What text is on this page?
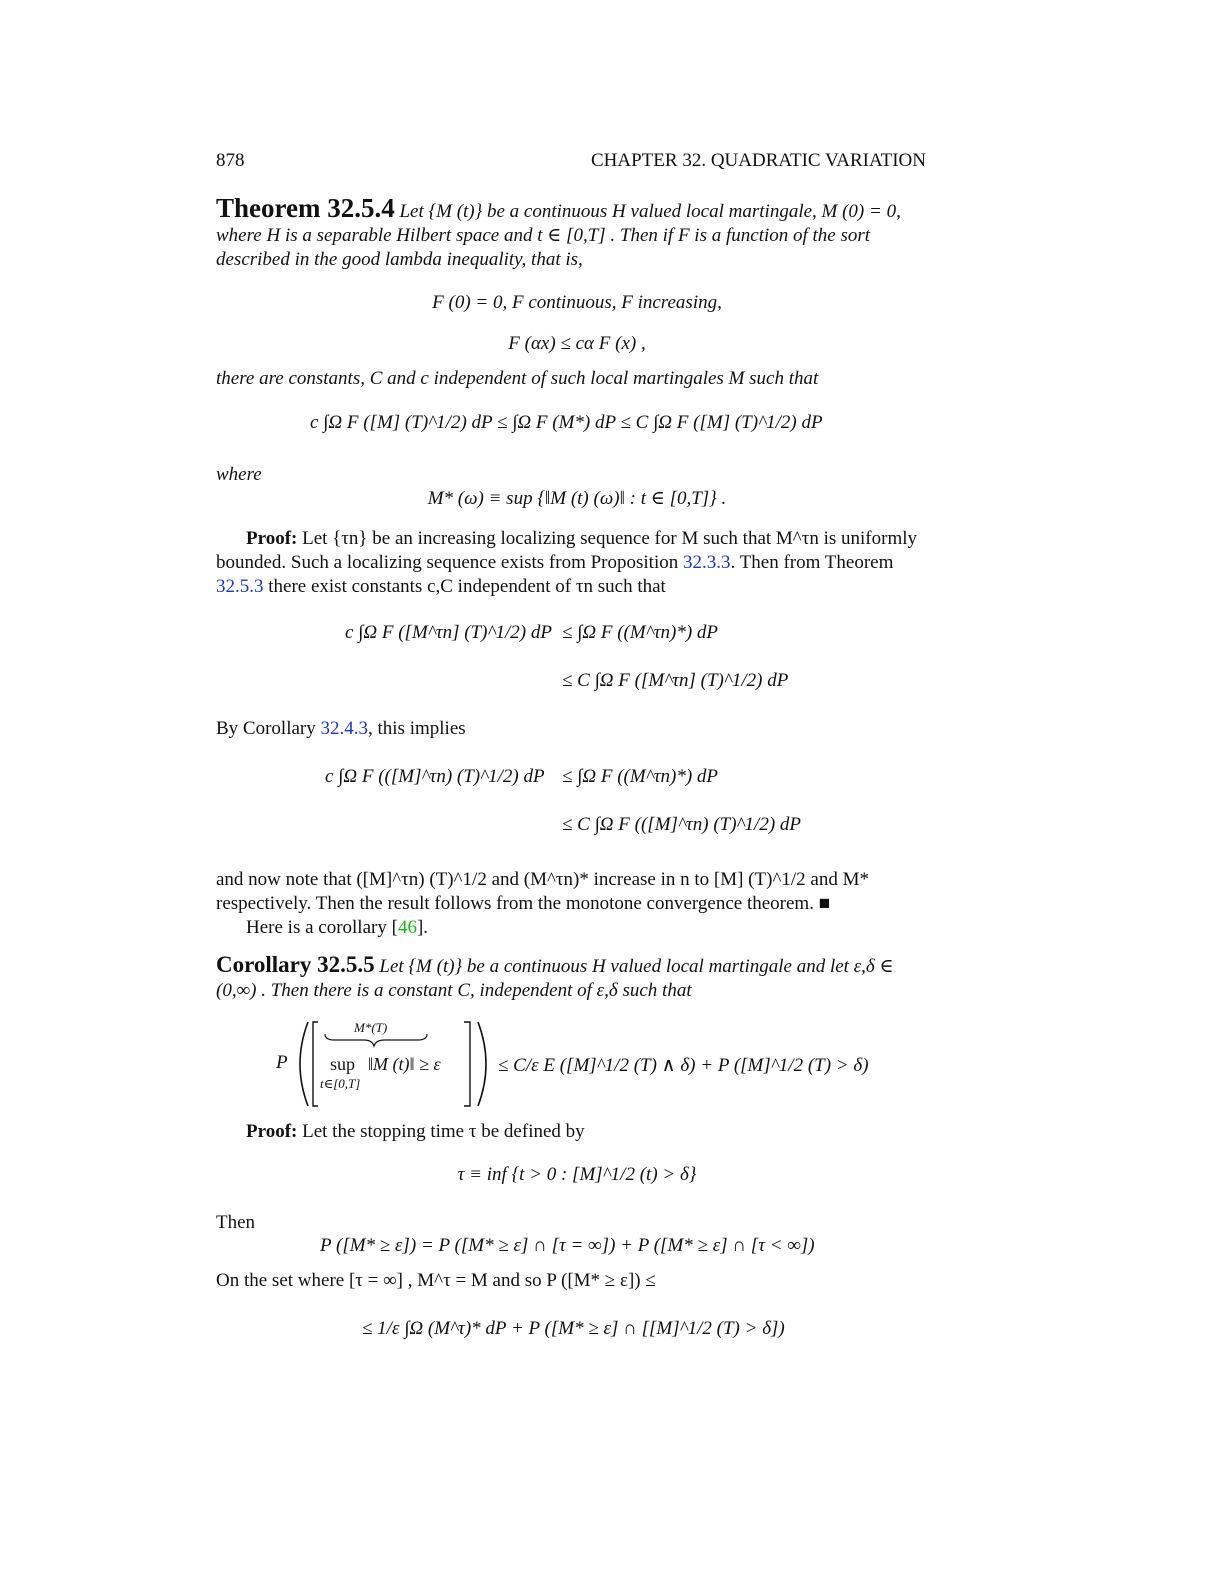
878	CHAPTER 32. QUADRATIC VARIATION
Theorem 32.5.4 Let {M (t)} be a continuous H valued local martingale, M (0) = 0, where H is a separable Hilbert space and t ∈ [0,T] . Then if F is a function of the sort described in the good lambda inequality, that is,
F (0) = 0, F continuous, F increasing,
F (αx) ≤ cα F (x) ,
there are constants, C and c independent of such local martingales M such that
c ∫Ω F ([M] (T)^1/2) dP ≤ ∫Ω F (M*) dP ≤ C ∫Ω F ([M] (T)^1/2) dP
where
M* (ω) ≡ sup {‖M (t) (ω)‖ : t ∈ [0,T]} .
Proof: Let {τn} be an increasing localizing sequence for M such that M^τn is uniformly bounded. Such a localizing sequence exists from Proposition 32.3.3. Then from Theorem 32.5.3 there exist constants c,C independent of τn such that
c ∫Ω F ([M^τn] (T)^1/2) dP ≤ ∫Ω F ((M^τn)*) dP
≤ C ∫Ω F ([M^τn] (T)^1/2) dP
By Corollary 32.4.3, this implies
c ∫Ω F (([M]^τn) (T)^1/2) dP ≤ ∫Ω F ((M^τn)*) dP
≤ C ∫Ω F (([M]^τn) (T)^1/2) dP
and now note that ([M]^τn) (T)^1/2 and (M^τn)* increase in n to [M] (T)^1/2 and M* respectively. Then the result follows from the monotone convergence theorem. ■
Here is a corollary [46].
Corollary 32.5.5 Let {M (t)} be a continuous H valued local martingale and let ε,δ ∈ (0,∞) . Then there is a constant C, independent of ε,δ such that
P
M*(T)
sup
t∈[0,T]
‖M (t)‖ ≥ ε	≤ C/ε E ([M]^1/2 (T) ∧ δ) + P ([M]^1/2 (T) > δ)
Proof: Let the stopping time τ be defined by
τ ≡ inf {t > 0 : [M]^1/2 (t) > δ}
Then
P ([M* ≥ ε]) = P ([M* ≥ ε] ∩ [τ = ∞]) + P ([M* ≥ ε] ∩ [τ < ∞])
On the set where [τ = ∞] , M^τ = M and so P ([M* ≥ ε]) ≤
≤ 1/ε ∫Ω (M^τ)* dP + P ([M* ≥ ε] ∩ [[M]^1/2 (T) > δ])
